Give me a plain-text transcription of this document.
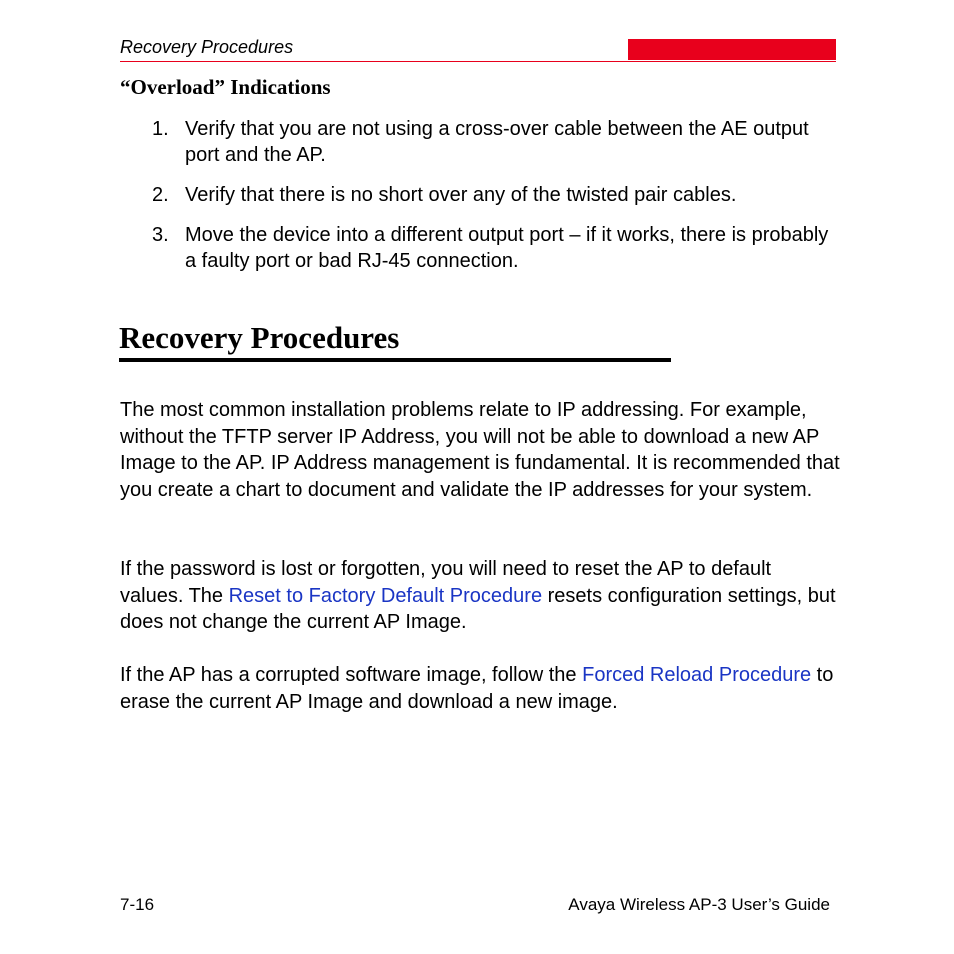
Recovery Procedures
“Overload” Indications
1. Verify that you are not using a cross-over cable between the AE output port and the AP.
2. Verify that there is no short over any of the twisted pair cables.
3. Move the device into a different output port – if it works, there is probably a faulty port or bad RJ-45 connection.
Recovery Procedures

The most common installation problems relate to IP addressing. For example, without the TFTP server IP Address, you will not be able to download a new AP Image to the AP. IP Address management is fundamental. It is recommended that you create a chart to document and validate the IP addresses for your system.

If the password is lost or forgotten, you will need to reset the AP to default values. The Reset to Factory Default Procedure resets configuration settings, but does not change the current AP Image.

If the AP has a corrupted software image, follow the Forced Reload Procedure to erase the current AP Image and download a new image.

7-16	Avaya Wireless AP-3 User’s Guide
